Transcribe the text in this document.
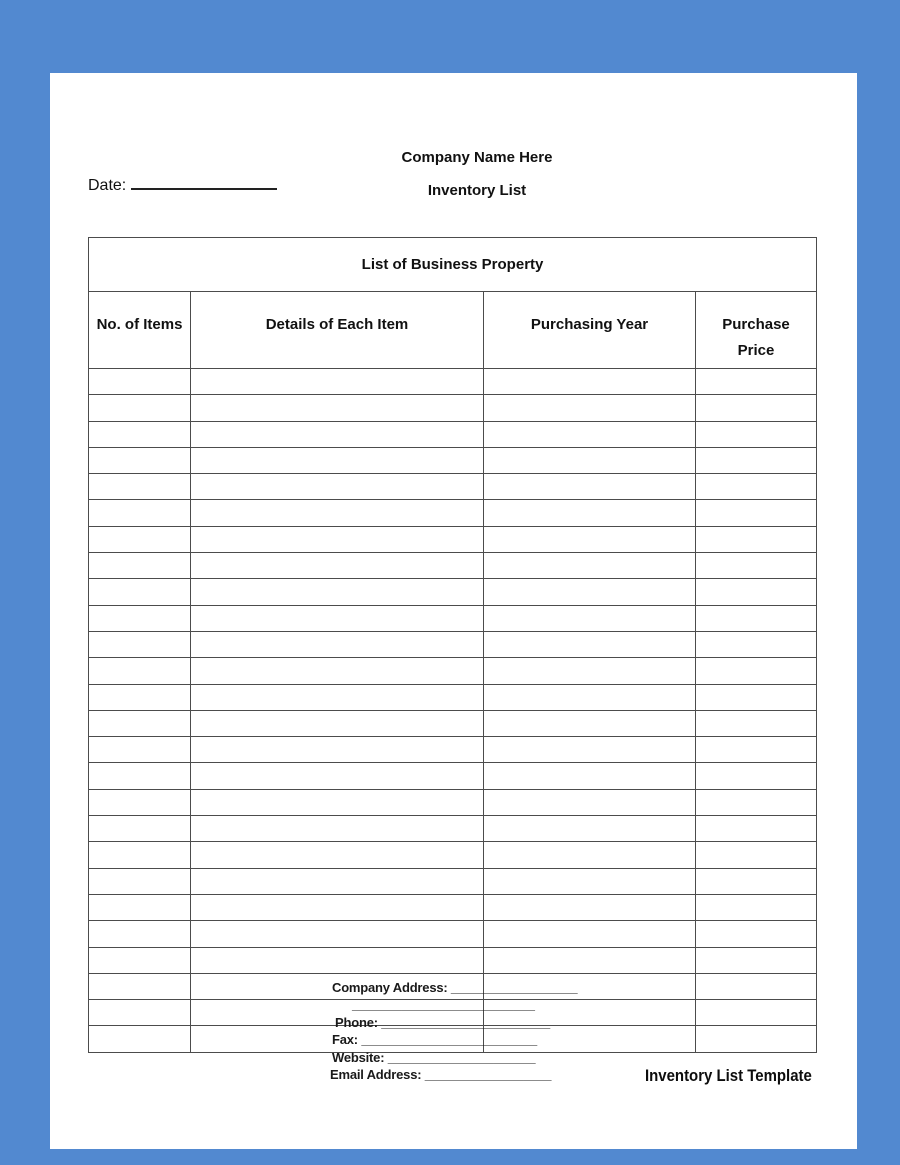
Company Name Here
Date:	Inventory List
List of Business Property			
No. of Items	Details of Each Item	Purchasing Year	Purchase Price

Company Address: __________________
__________________________
Phone: ________________________
Fax: _________________________
Website: _____________________
Email Address: __________________	Inventory List Template
